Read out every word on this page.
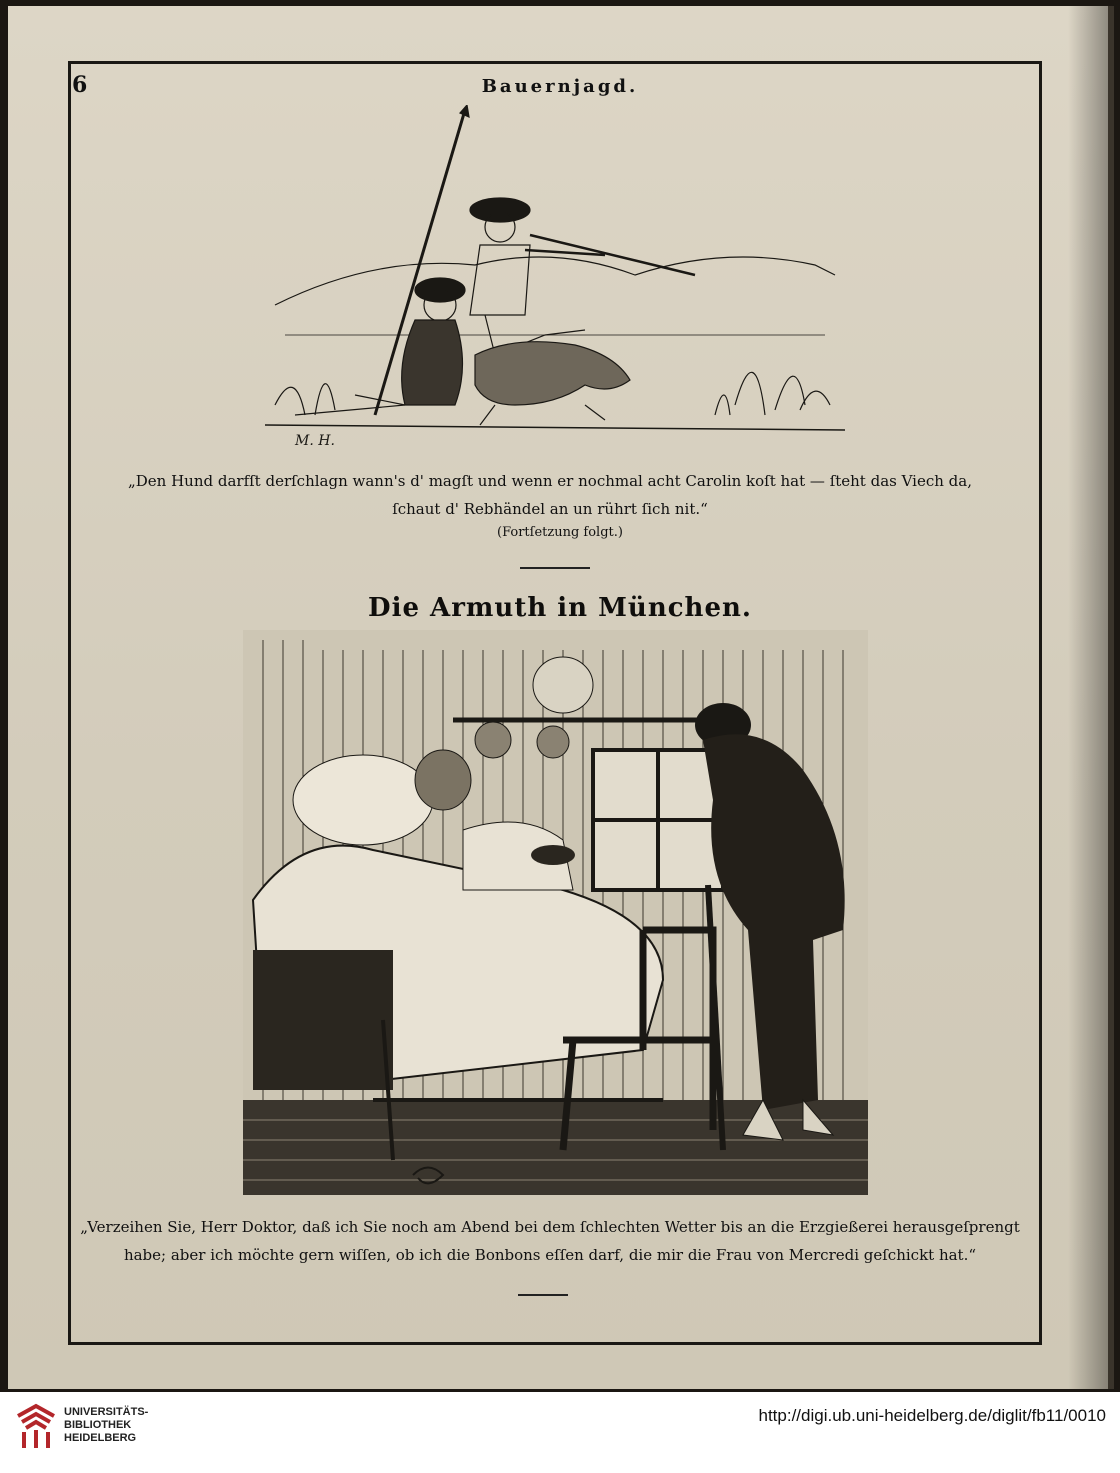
6	Bauernjagd.
M. H.
„Den Hund darfſt derſchlagn wann's d' magſt und wenn er nochmal acht Carolin koſt hat — ſteht das Viech da,
ſchaut d' Rebhändel an un rührt ſich nit.“
(Fortſetzung folgt.)
Die Armuth in München.
„Verzeihen Sie, Herr Doktor, daß ich Sie noch am Abend bei dem ſchlechten Wetter bis an die Erzgießerei herausgeſprengt
habe; aber ich möchte gern wiſſen, ob ich die Bonbons eſſen darf, die mir die Frau von Mercredi geſchickt hat.“
UNIVERSITÄTS-
BIBLIOTHEK
HEIDELBERG
http://digi.ub.uni-heidelberg.de/diglit/fb11/0010
